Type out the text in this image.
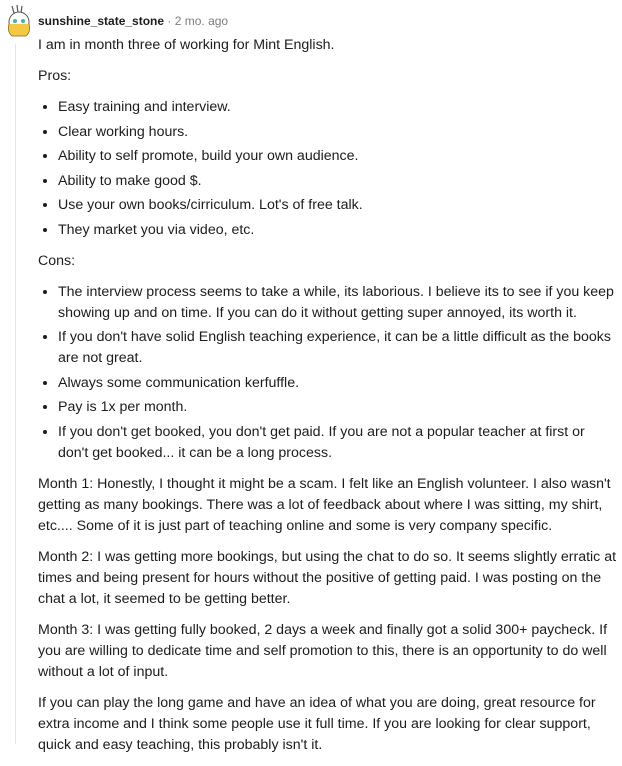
sunshine_state_stone · 2 mo. ago

I am in month three of working for Mint English.

Pros:

• Easy training and interview.
• Clear working hours.
• Ability to self promote, build your own audience.
• Ability to make good $.
• Use your own books/cirriculum. Lot's of free talk.
• They market you via video, etc.

Cons:

• The interview process seems to take a while, its laborious. I believe its to see if you keep showing up and on time. If you can do it without getting super annoyed, its worth it.
• If you don't have solid English teaching experience, it can be a little difficult as the books are not great.
• Always some communication kerfuffle.
• Pay is 1x per month.
• If you don't get booked, you don't get paid. If you are not a popular teacher at first or don't get booked... it can be a long process.

Month 1: Honestly, I thought it might be a scam. I felt like an English volunteer. I also wasn't getting as many bookings. There was a lot of feedback about where I was sitting, my shirt, etc.... Some of it is just part of teaching online and some is very company specific.

Month 2: I was getting more bookings, but using the chat to do so. It seems slightly erratic at times and being present for hours without the positive of getting paid. I was posting on the chat a lot, it seemed to be getting better.

Month 3: I was getting fully booked, 2 days a week and finally got a solid 300+ paycheck. If you are willing to dedicate time and self promotion to this, there is an opportunity to do well without a lot of input.

If you can play the long game and have an idea of what you are doing, great resource for extra income and I think some people use it full time. If you are looking for clear support, quick and easy teaching, this probably isn't it.
